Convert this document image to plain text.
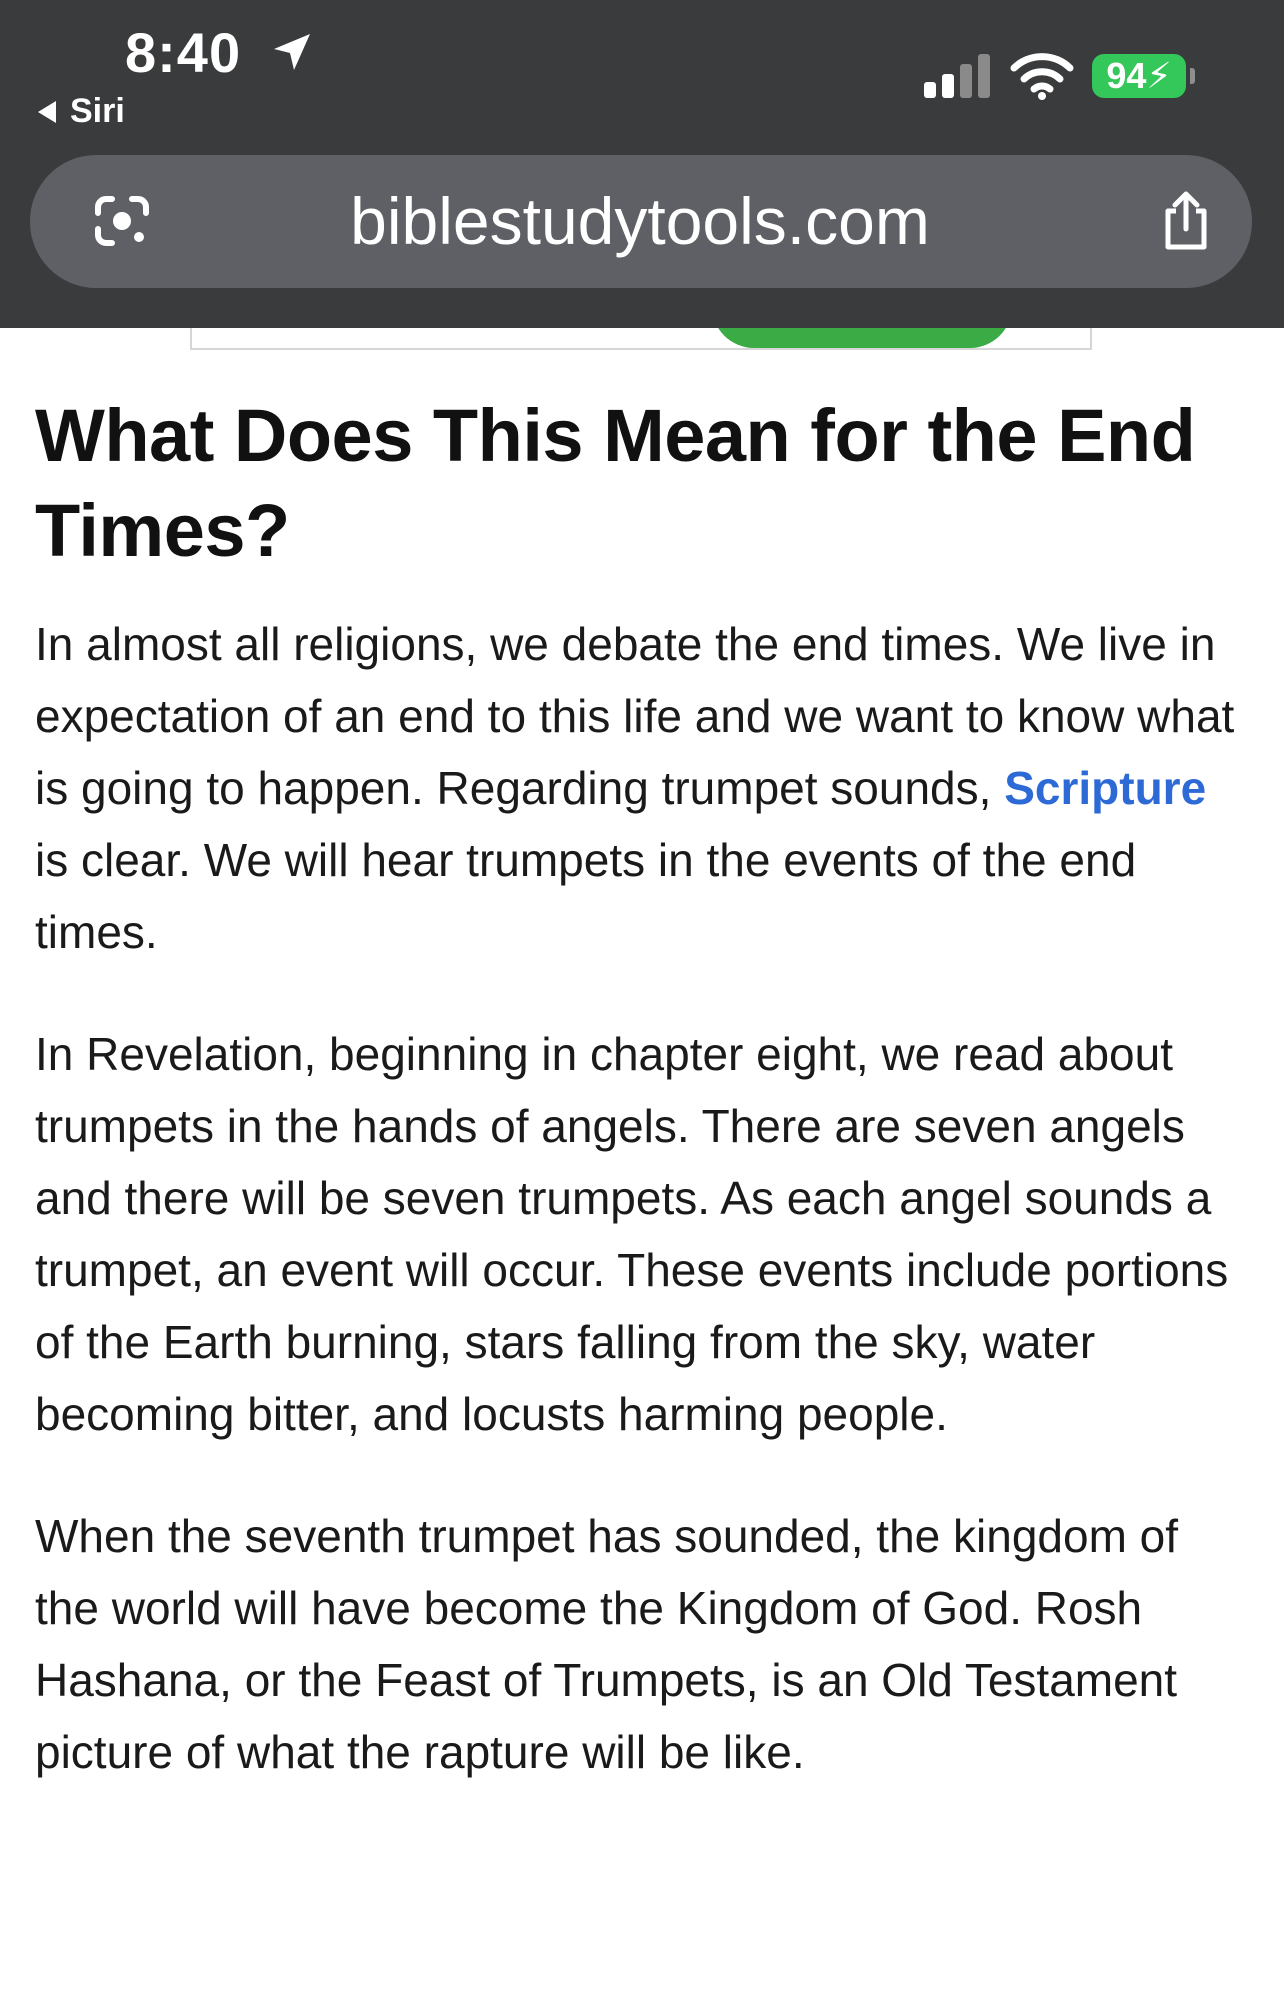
8:40
Siri
94⚡
biblestudytools.com
What Does This Mean for the End Times?

In almost all religions, we debate the end times. We live in expectation of an end to this life and we want to know what is going to happen. Regarding trumpet sounds, Scripture is clear. We will hear trumpets in the events of the end times.

In Revelation, beginning in chapter eight, we read about trumpets in the hands of angels. There are seven angels and there will be seven trumpets. As each angel sounds a trumpet, an event will occur. These events include portions of the Earth burning, stars falling from the sky, water becoming bitter, and locusts harming people.

When the seventh trumpet has sounded, the kingdom of the world will have become the Kingdom of God. Rosh Hashana, or the Feast of Trumpets, is an Old Testament picture of what the rapture will be like.
